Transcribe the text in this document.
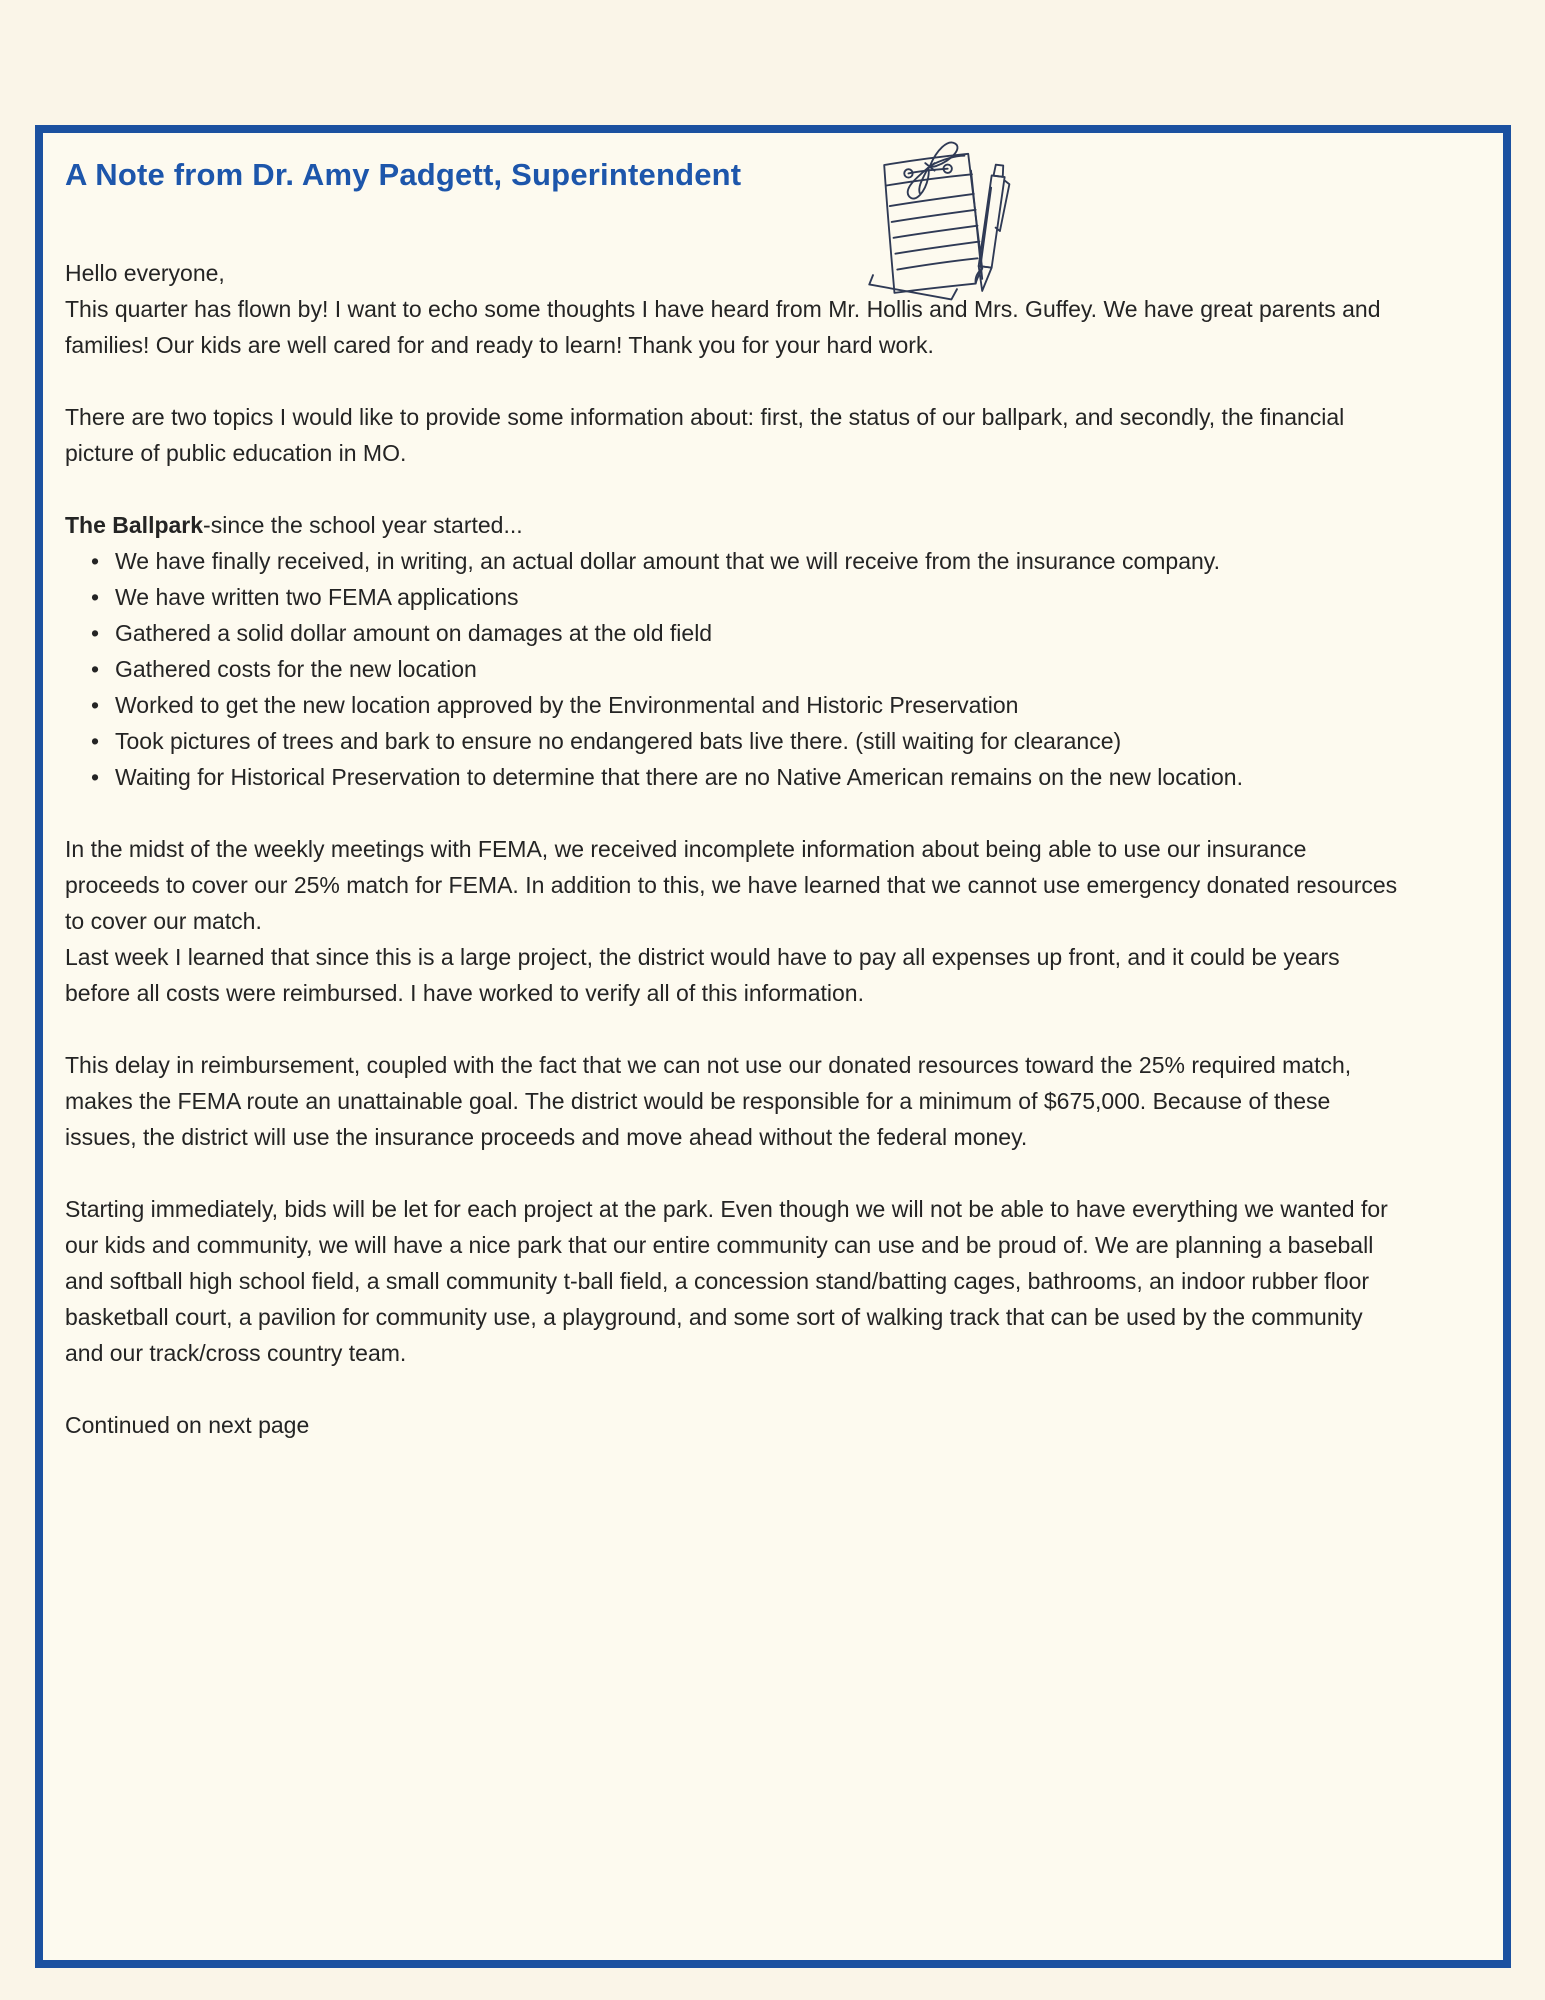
A Note from Dr. Amy Padgett, Superintendent

Hello everyone,

This quarter has flown by! I want to echo some thoughts I have heard from Mr. Hollis and Mrs. Guffey. We have great parents and families! Our kids are well cared for and ready to learn! Thank you for your hard work.

There are two topics I would like to provide some information about: first, the status of our ballpark, and secondly, the financial picture of public education in MO.

The Ballpark-since the school year started...

• We have finally received, in writing, an actual dollar amount that we will receive from the insurance company.
• We have written two FEMA applications
• Gathered a solid dollar amount on damages at the old field
• Gathered costs for the new location
• Worked to get the new location approved by the Environmental and Historic Preservation
• Took pictures of trees and bark to ensure no endangered bats live there. (still waiting for clearance)
• Waiting for Historical Preservation to determine that there are no Native American remains on the new location.

In the midst of the weekly meetings with FEMA, we received incomplete information about being able to use our insurance proceeds to cover our 25% match for FEMA. In addition to this, we have learned that we cannot use emergency donated resources to cover our match.

Last week I learned that since this is a large project, the district would have to pay all expenses up front, and it could be years before all costs were reimbursed. I have worked to verify all of this information.

This delay in reimbursement, coupled with the fact that we can not use our donated resources toward the 25% required match, makes the FEMA route an unattainable goal. The district would be responsible for a minimum of $675,000. Because of these issues, the district will use the insurance proceeds and move ahead without the federal money.

Starting immediately, bids will be let for each project at the park. Even though we will not be able to have everything we wanted for our kids and community, we will have a nice park that our entire community can use and be proud of. We are planning a baseball and softball high school field, a small community t-ball field, a concession stand/batting cages, bathrooms, an indoor rubber floor basketball court, a pavilion for community use, a playground, and some sort of walking track that can be used by the community and our track/cross country team.

Continued on next page
